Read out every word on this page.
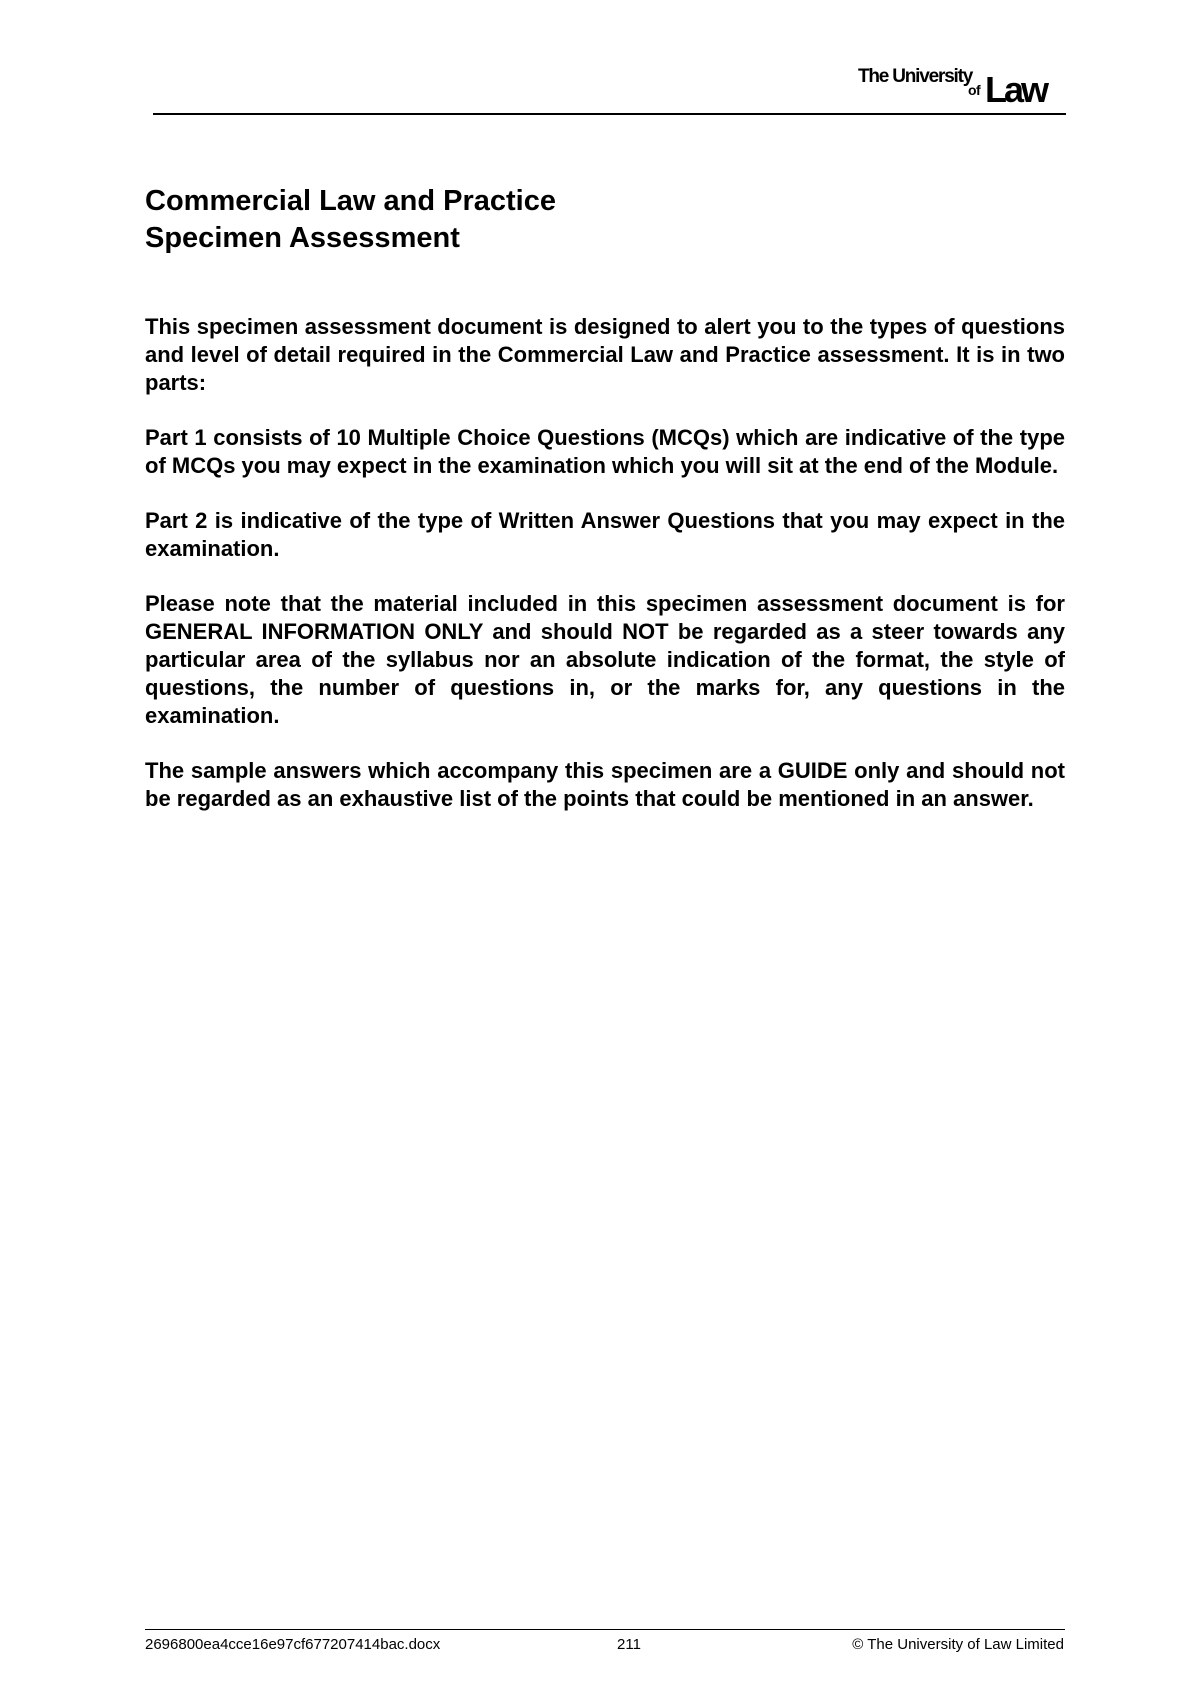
The University
of Law

Commercial Law and Practice

Specimen Assessment

This specimen assessment document is designed to alert you to the types of questions and level of detail required in the Commercial Law and Practice assessment. It is in two parts:

Part 1 consists of 10 Multiple Choice Questions (MCQs) which are indicative of the type of MCQs you may expect in the examination which you will sit at the end of the Module.

Part 2 is indicative of the type of Written Answer Questions that you may expect in the examination.

Please note that the material included in this specimen assessment document is for GENERAL INFORMATION ONLY and should NOT be regarded as a steer towards any particular area of the syllabus nor an absolute indication of the format, the style of questions, the number of questions in, or the marks for, any questions in the examination.

The sample answers which accompany this specimen are a GUIDE only and should not be regarded as an exhaustive list of the points that could be mentioned in an answer.

2696800ea4cce16e97cf677207414bac.docx	211	© The University of Law Limited
